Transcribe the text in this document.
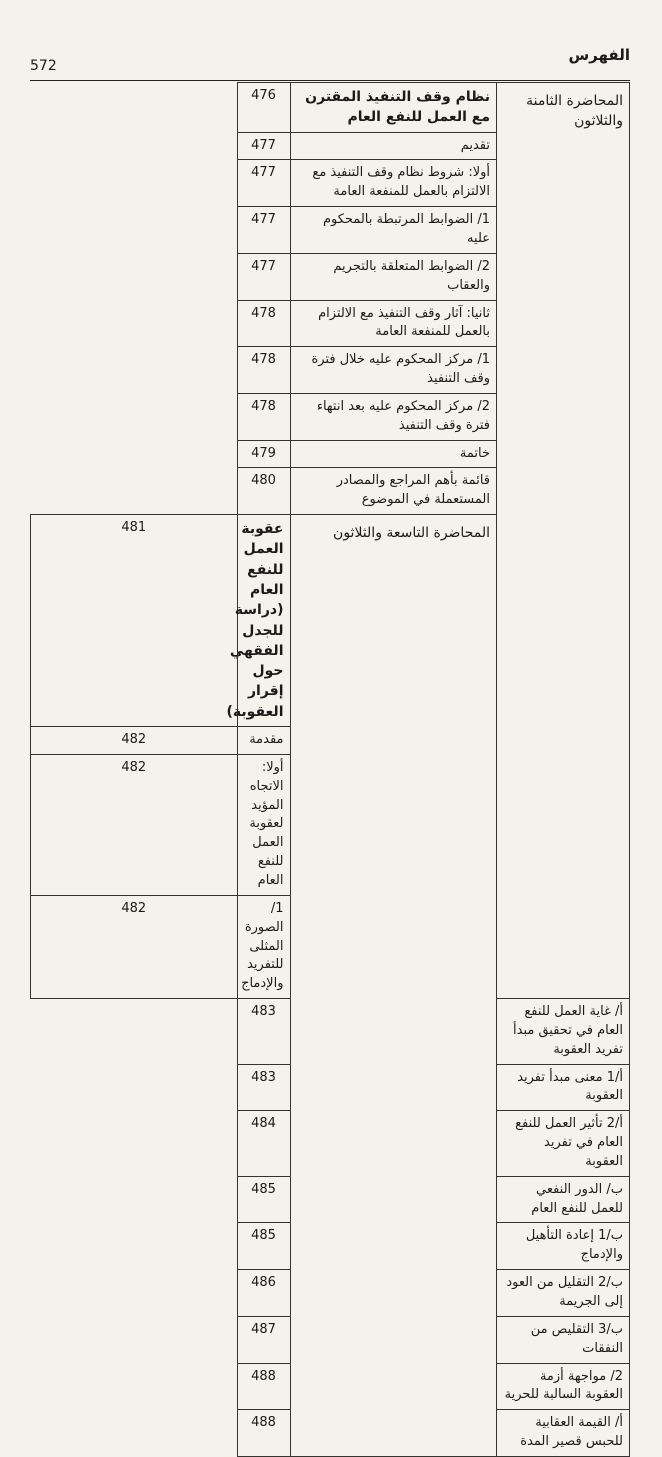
الفهرس
572
المحاضرة الثامنة والثلاثون	نظام وقف التنفيذ المقترن مع العمل للنفع العام	476	
	تقديم	477	
	أولا: شروط نظام وقف التنفيذ مع الالتزام بالعمل للمنفعة العامة	477	
	1/ الضوابط المرتبطة بالمحكوم عليه	477	
	2/ الضوابط المتعلقة بالتجريم والعقاب	477	
	ثانيا: آثار وقف التنفيذ مع الالتزام بالعمل للمنفعة العامة	478	
	1/ مركز المحكوم عليه خلال فترة وقف التنفيذ	478	
	2/ مركز المحكوم عليه بعد انتهاء فترة وقف التنفيذ	478	
	خاتمة	479	
	قائمة بأهم المراجع والمصادر المستعملة في الموضوع	480	
	المحاضرة التاسعة والثلاثون	عقوبة العمل للنفع العام (دراسة للجدل الفقهي حول إقرار العقوبة)	481
		مقدمة	482
		أولا: الاتجاه المؤيد لعقوبة العمل للنفع العام	482
		1/ الصورة المثلى للتفريد والإدماج	482
أ/ غاية العمل للنفع العام في تحقيق مبدأ تفريد العقوبة		483	
أ/1 معنى مبدأ تفريد العقوبة		483	
أ/2 تأثير العمل للنفع العام في تفريد العقوبة		484	
ب/ الدور النفعي للعمل للنفع العام		485	
ب/1 إعادة التأهيل والإدماج		485	
ب/2 التقليل من العود إلى الجريمة		486	
ب/3 التقليص من النفقات		487	
2/ مواجهة أزمة العقوبة السالبة للحرية		488	
أ/ القيمة العقابية للحبس قصير المدة		488	
